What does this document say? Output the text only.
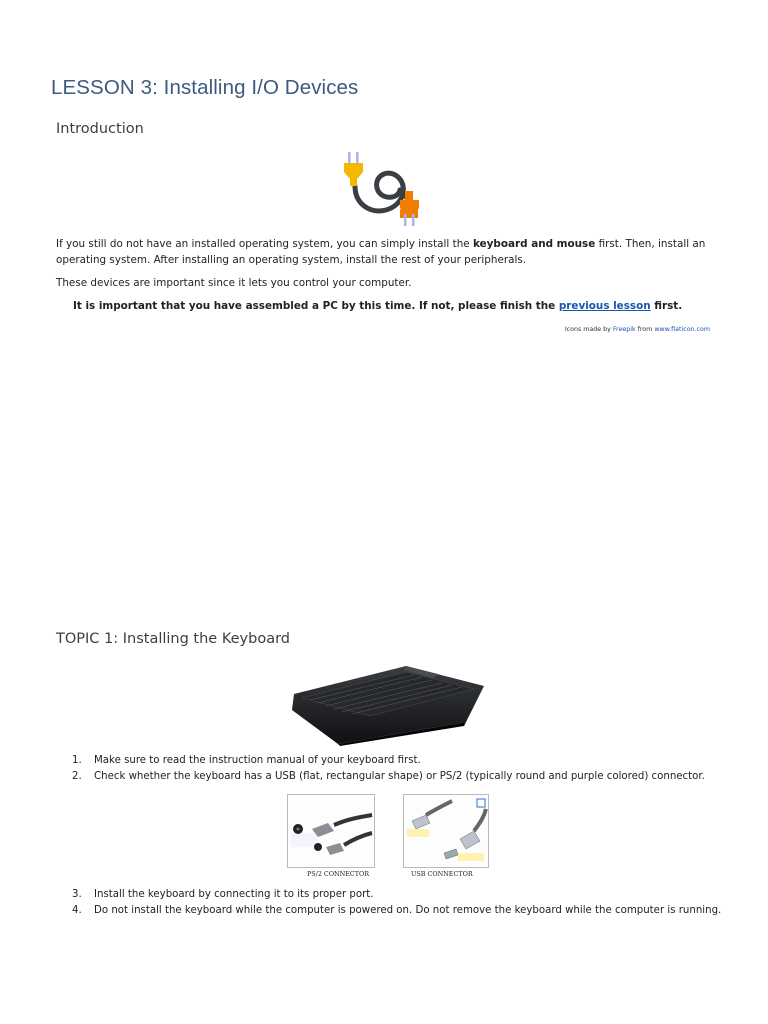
LESSON 3: Installing I/O Devices
Introduction
If you still do not have an installed operating system, you can simply install the keyboard and mouse first. Then, install an operating system. After installing an operating system, install the rest of your peripherals.
These devices are important since it lets you control your computer.
It is important that you have assembled a PC by this time. If not, please finish the previous lesson first.
Icons made by Freepik from www.flaticon.com
TOPIC 1: Installing the Keyboard
1. Make sure to read the instruction manual of your keyboard first.
2. Check whether the keyboard has a USB (flat, rectangular shape) or PS/2 (typically round and purple colored) connector.
PS/2 CONNECTOR	USB CONNECTOR
3. Install the keyboard by connecting it to its proper port.
4. Do not install the keyboard while the computer is powered on. Do not remove the keyboard while the computer is running.
